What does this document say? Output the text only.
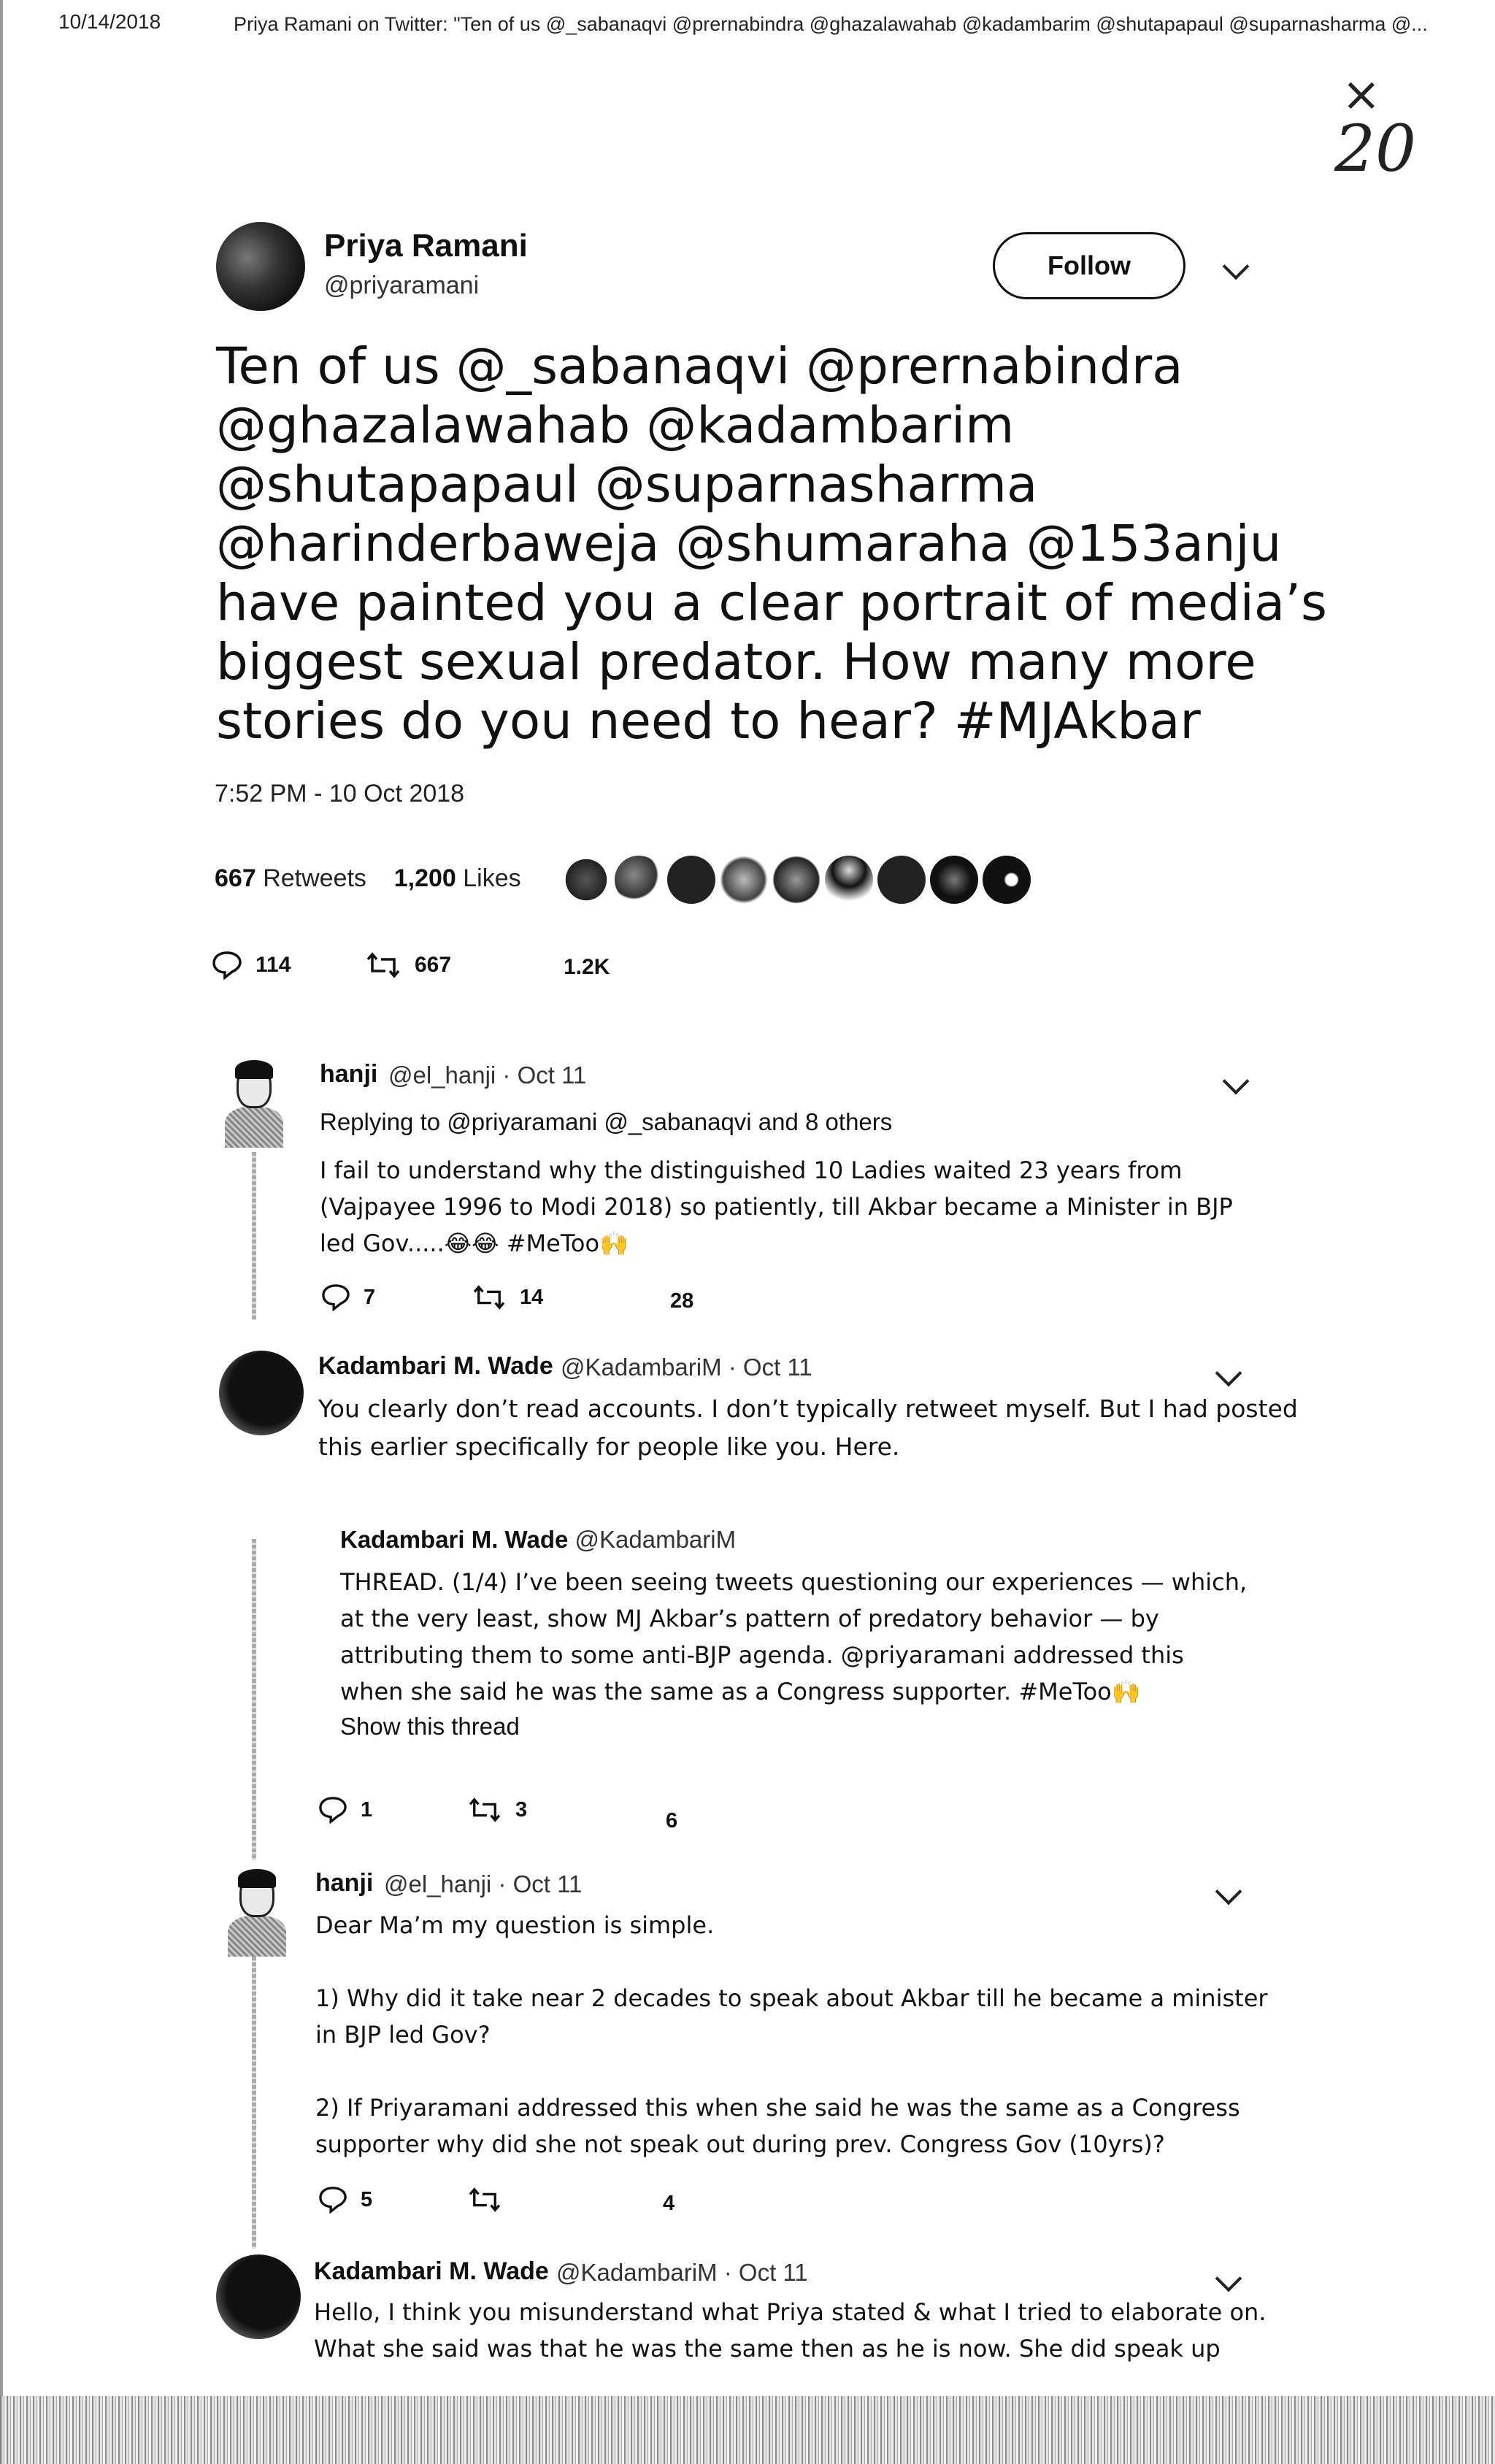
10/14/2018	Priya Ramani on Twitter: "Ten of us @_sabanaqvi @prernabindra @ghazalawahab @kadambarim @shutapapaul @suparnasharma @...
×
20
Priya Ramani
@priyaramani
Follow

Ten of us @_sabanaqvi @prernabindra

@ghazalawahab @kadambarim

@shutapapaul @suparnasharma

@harinderbaweja @shumaraha @153anju

have painted you a clear portrait of media’s

biggest sexual predator. How many more

stories do you need to hear? #MJAkbar

7:52 PM - 10 Oct 2018
667 Retweets 1,200 Likes
114	667	1.2K
hanji @el_hanji · Oct 11
Replying to @priyaramani @_sabanaqvi and 8 others

I fail to understand why the distinguished 10 Ladies waited 23 years from

(Vajpayee 1996 to Modi 2018) so patiently, till Akbar became a Minister in BJP

led Gov.....😂😂 #MeToo🙌

7	14	28
Kadambari M. Wade @KadambariM · Oct 11

You clearly don’t read accounts. I don’t typically retweet myself. But I had posted

this earlier specifically for people like you. Here.

Kadambari M. Wade @KadambariM

THREAD. (1/4) I’ve been seeing tweets questioning our experiences — which,

at the very least, show MJ Akbar’s pattern of predatory behavior — by

attributing them to some anti-BJP agenda. @priyaramani addressed this

when she said he was the same as a Congress supporter. #MeToo🙌

Show this thread
1	3	6
hanji @el_hanji · Oct 11

Dear Ma’m my question is simple.

1) Why did it take near 2 decades to speak about Akbar till he became a minister

in BJP led Gov?

2) If Priyaramani addressed this when she said he was the same as a Congress

supporter why did she not speak out during prev. Congress Gov (10yrs)?

5	4
Kadambari M. Wade @KadambariM · Oct 11

Hello, I think you misunderstand what Priya stated & what I tried to elaborate on.

What she said was that he was the same then as he is now. She did speak up
